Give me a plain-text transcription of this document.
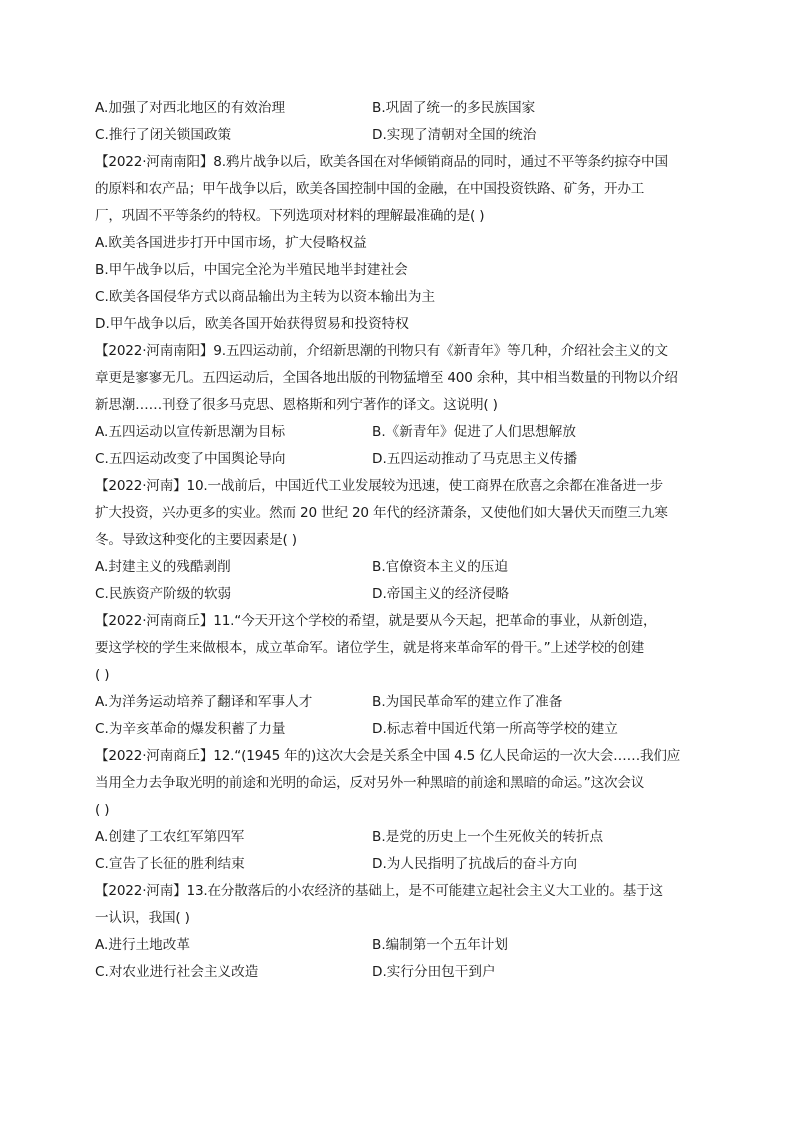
A.加强了对西北地区的有效治理	B.巩固了统一的多民族国家
C.推行了闭关锁国政策	D.实现了清朝对全国的统治
【2022·河南南阳】8.鸦片战争以后，欧美各国在对华倾销商品的同时，通过不平等条约掠夺中国
的原料和农产品；甲午战争以后，欧美各国控制中国的金融，在中国投资铁路、矿务，开办工
厂，巩固不平等条约的特权。下列选项对材料的理解最准确的是( )
A.欧美各国进步打开中国市场，扩大侵略权益
B.甲午战争以后，中国完全沦为半殖民地半封建社会
C.欧美各国侵华方式以商品输出为主转为以资本输出为主
D.甲午战争以后，欧美各国开始获得贸易和投资特权
【2022·河南南阳】9.五四运动前，介绍新思潮的刊物只有《新青年》等几种，介绍社会主义的文
章更是寥寥无几。五四运动后，全国各地出版的刊物猛增至 400 余种，其中相当数量的刊物以介绍
新思潮……刊登了很多马克思、恩格斯和列宁著作的译文。这说明( )
A.五四运动以宣传新思潮为目标	B.《新青年》促进了人们思想解放
C.五四运动改变了中国舆论导向	D.五四运动推动了马克思主义传播
【2022·河南】10.一战前后，中国近代工业发展较为迅速，使工商界在欣喜之余都在准备进一步
扩大投资，兴办更多的实业。然而 20 世纪 20 年代的经济萧条，又使他们如大暑伏天而堕三九寒
冬。导致这种变化的主要因素是( )
A.封建主义的残酷剥削	B.官僚资本主义的压迫
C.民族资产阶级的软弱	D.帝国主义的经济侵略
【2022·河南商丘】11.“今天开这个学校的希望，就是要从今天起，把革命的事业，从新创造，
要这学校的学生来做根本，成立革命军。诸位学生，就是将来革命军的骨干。”上述学校的创建
( )
A.为洋务运动培养了翻译和军事人才	B.为国民革命军的建立作了准备
C.为辛亥革命的爆发积蓄了力量	D.标志着中国近代第一所高等学校的建立
【2022·河南商丘】12.“(1945 年的)这次大会是关系全中国 4.5 亿人民命运的一次大会……我们应
当用全力去争取光明的前途和光明的命运，反对另外一种黑暗的前途和黑暗的命运。”这次会议
( )
A.创建了工农红军第四军	B.是党的历史上一个生死攸关的转折点
C.宣告了长征的胜利结束	D.为人民指明了抗战后的奋斗方向
【2022·河南】13.在分散落后的小农经济的基础上，是不可能建立起社会主义大工业的。基于这
一认识，我国( )
A.进行土地改革	B.编制第一个五年计划
C.对农业进行社会主义改造	D.实行分田包干到户
